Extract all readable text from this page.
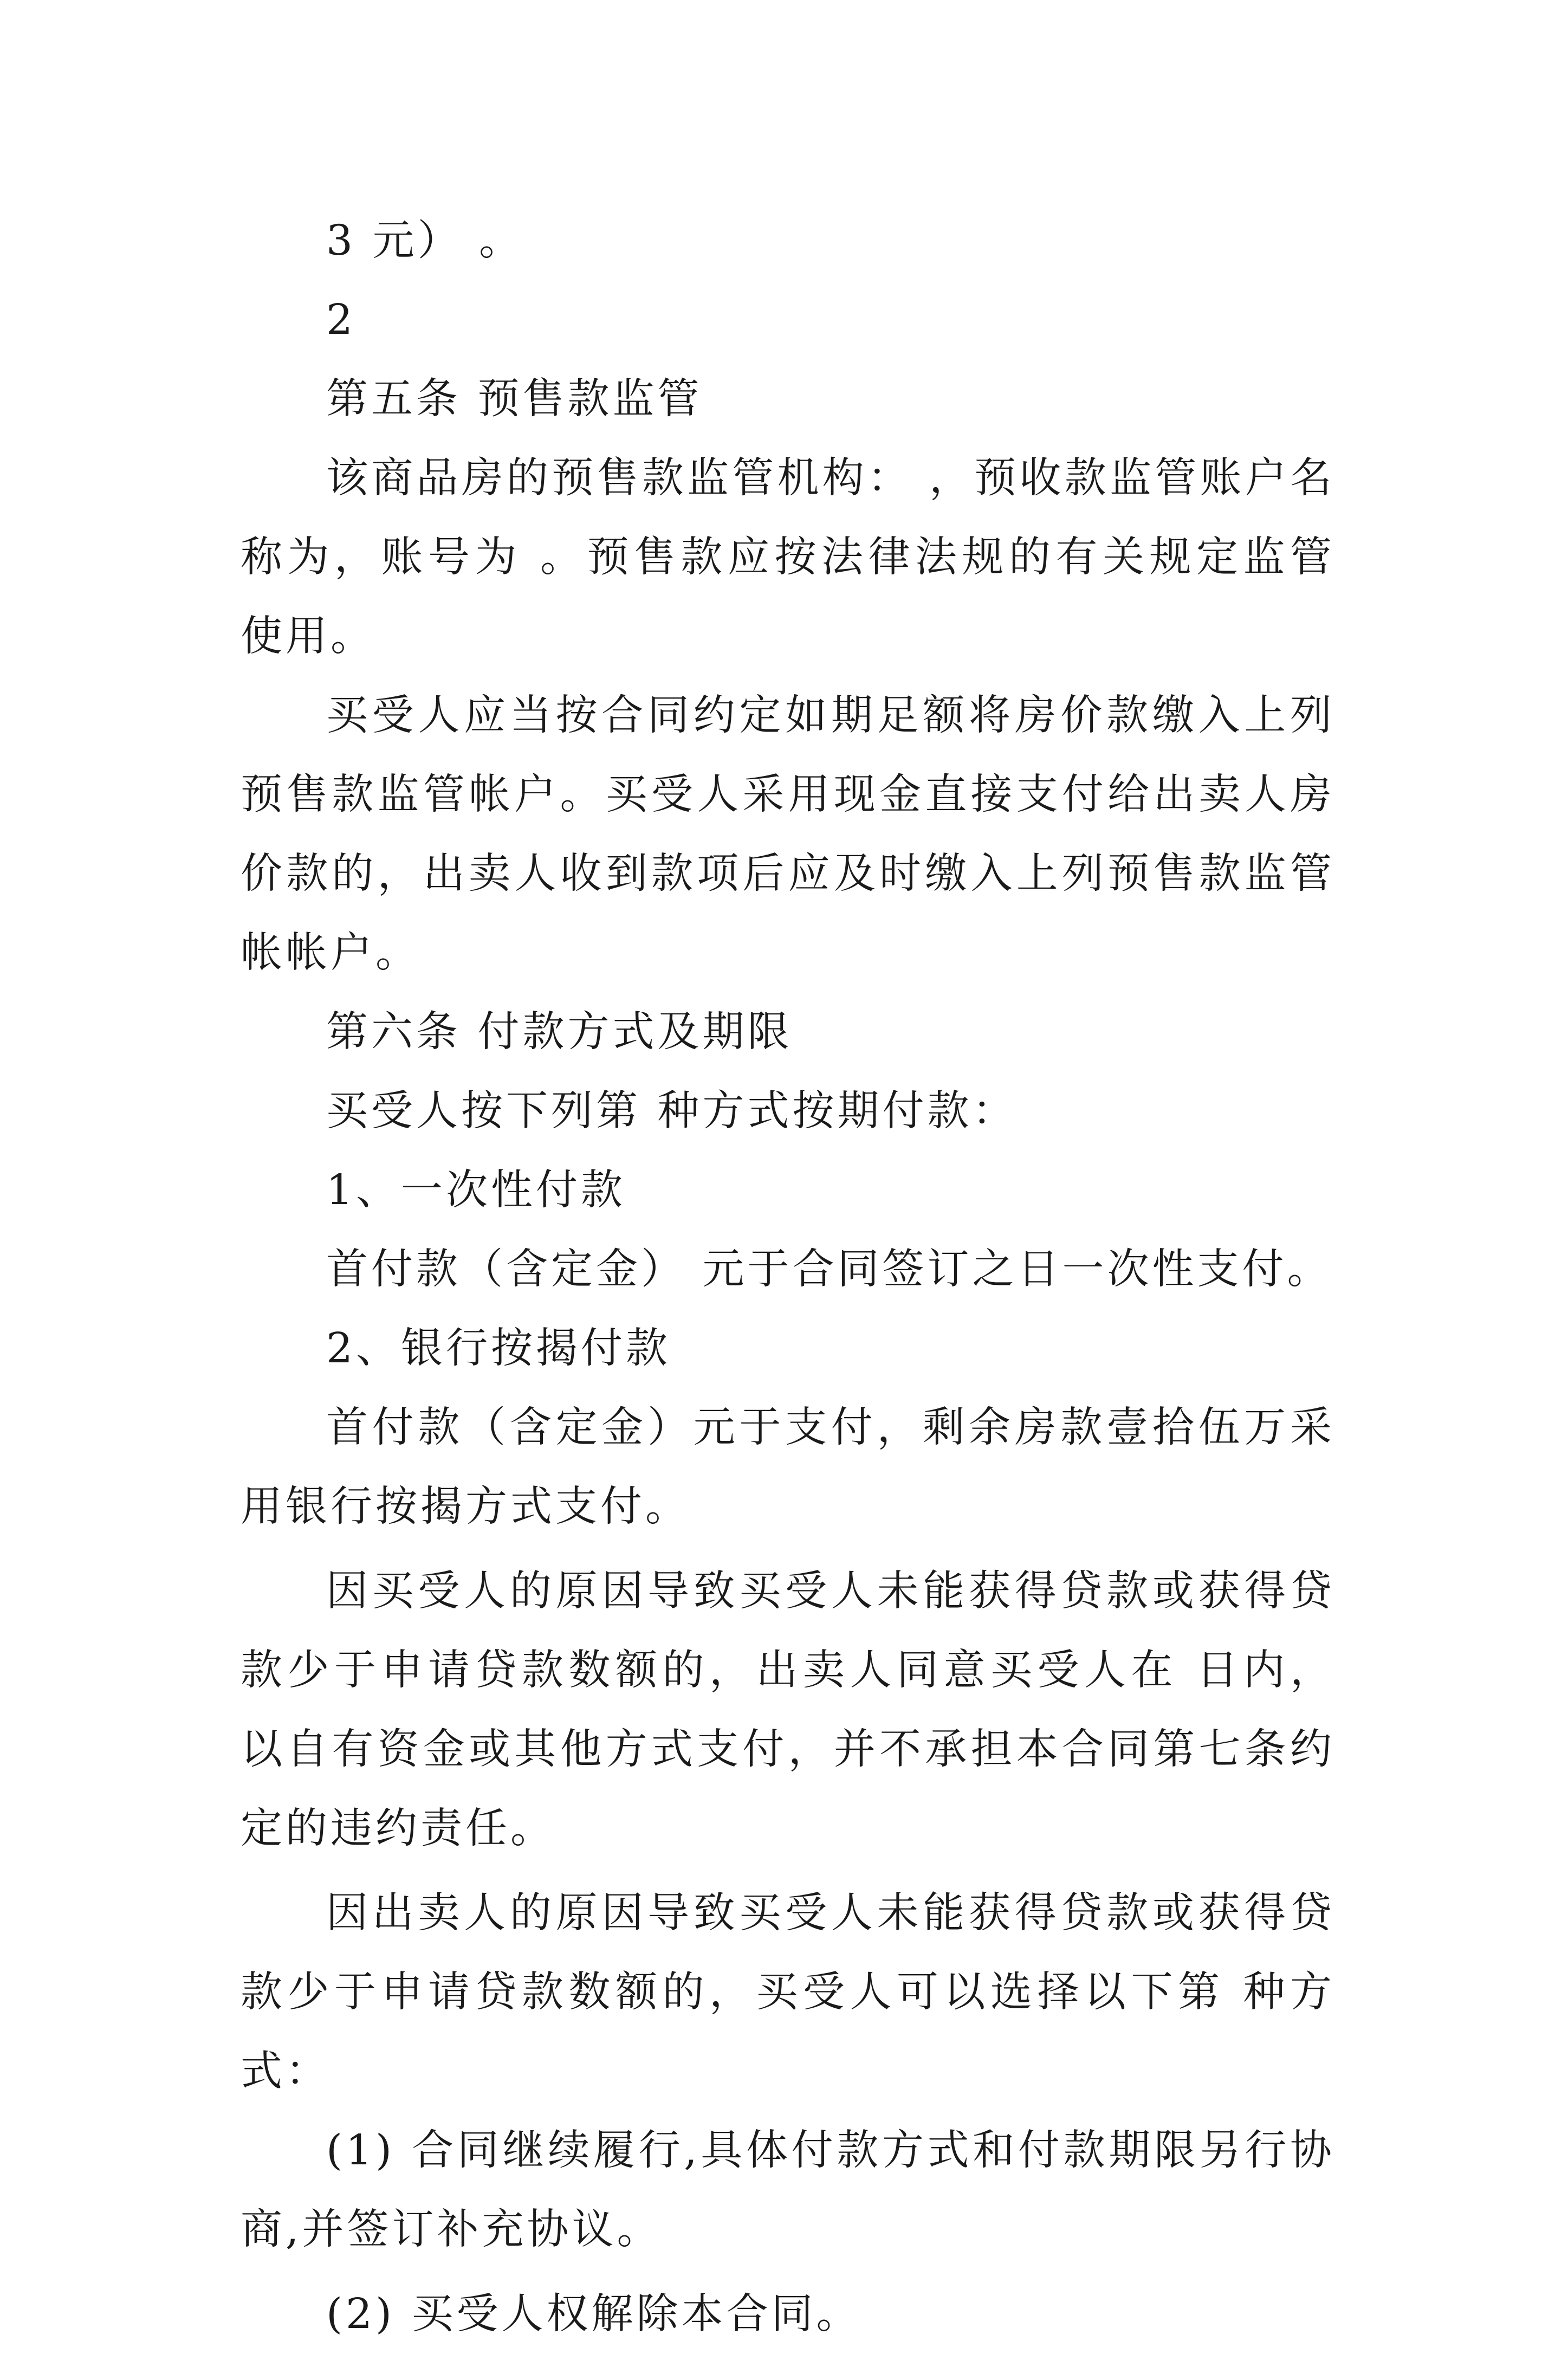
3 元） 。

2

第五条 预售款监管

该商品房的预售款监管机构： ，预收款监管账户名称为，账号为 。预售款应按法律法规的有关规定监管使用。

买受人应当按合同约定如期足额将房价款缴入上列预售款监管帐户。买受人采用现金直接支付给出卖人房价款的，出卖人收到款项后应及时缴入上列预售款监管帐帐户。

第六条 付款方式及期限

买受人按下列第 种方式按期付款：

1、一次性付款

首付款（含定金） 元于合同签订之日一次性支付。

2、银行按揭付款

首付款（含定金）元于支付，剩余房款壹拾伍万采用银行按揭方式支付。

因买受人的原因导致买受人未能获得贷款或获得贷款少于申请贷款数额的，出卖人同意买受人在 日内，以自有资金或其他方式支付，并不承担本合同第七条约定的违约责任。

因出卖人的原因导致买受人未能获得贷款或获得贷款少于申请贷款数额的，买受人可以选择以下第 种方式：

(1) 合同继续履行,具体付款方式和付款期限另行协商,并签订补充协议。

(2) 买受人权解除本合同。
